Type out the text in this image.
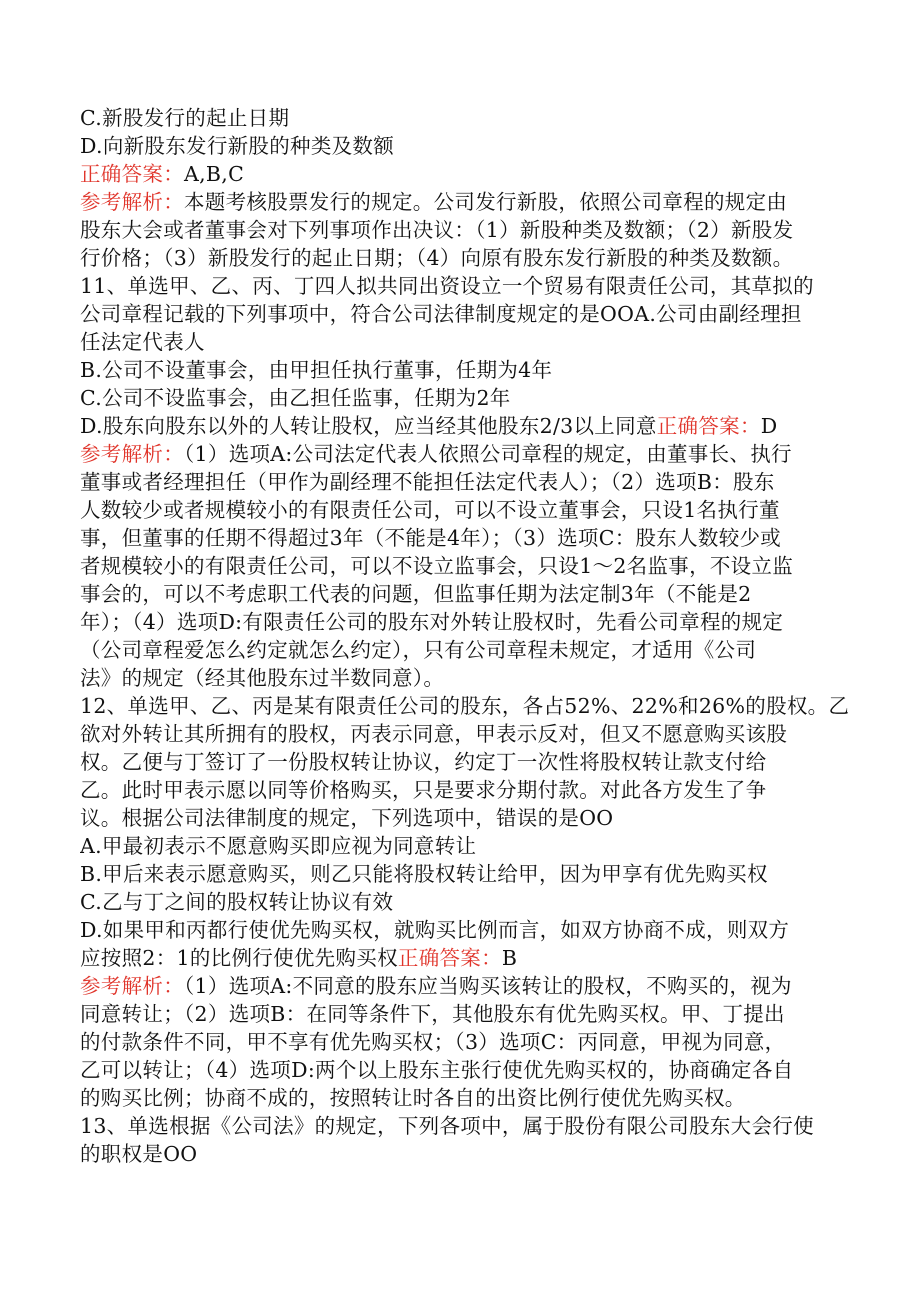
C.新股发行的起止日期
D.向新股东发行新股的种类及数额
正确答案：A,B,C
参考解析：本题考核股票发行的规定。公司发行新股，依照公司章程的规定由
股东大会或者董事会对下列事项作出决议：（1）新股种类及数额；（2）新股发
行价格；（3）新股发行的起止日期；（4）向原有股东发行新股的种类及数额。
11、单选甲、乙、丙、丁四人拟共同出资设立一个贸易有限责任公司，其草拟的
公司章程记载的下列事项中，符合公司法律制度规定的是OOA.公司由副经理担
任法定代表人
B.公司不设董事会，由甲担任执行董事，任期为4年
C.公司不设监事会，由乙担任监事，任期为2年
D.股东向股东以外的人转让股权，应当经其他股东2/3以上同意正确答案：D
参考解析：（1）选项A:公司法定代表人依照公司章程的规定，由董事长、执行
董事或者经理担任（甲作为副经理不能担任法定代表人）；（2）选项B：股东
人数较少或者规模较小的有限责任公司，可以不设立董事会，只设1名执行董
事，但董事的任期不得超过3年（不能是4年）；（3）选项C：股东人数较少或
者规模较小的有限责任公司，可以不设立监事会，只设1～2名监事，不设立监
事会的，可以不考虑职工代表的问题，但监事任期为法定制3年（不能是2
年）；（4）选项D:有限责任公司的股东对外转让股权时，先看公司章程的规定
（公司章程爱怎么约定就怎么约定），只有公司章程未规定，才适用《公司
法》的规定（经其他股东过半数同意）。
12、单选甲、乙、丙是某有限责任公司的股东，各占52%、22%和26%的股权。乙
欲对外转让其所拥有的股权，丙表示同意，甲表示反对，但又不愿意购买该股
权。乙便与丁签订了一份股权转让协议，约定丁一次性将股权转让款支付给
乙。此时甲表示愿以同等价格购买，只是要求分期付款。对此各方发生了争
议。根据公司法律制度的规定，下列选项中，错误的是OO
A.甲最初表示不愿意购买即应视为同意转让
B.甲后来表示愿意购买，则乙只能将股权转让给甲，因为甲享有优先购买权
C.乙与丁之间的股权转让协议有效
D.如果甲和丙都行使优先购买权，就购买比例而言，如双方协商不成，则双方
应按照2：1的比例行使优先购买权正确答案：B
参考解析：（1）选项A:不同意的股东应当购买该转让的股权，不购买的，视为
同意转让；（2）选项B：在同等条件下，其他股东有优先购买权。甲、丁提出
的付款条件不同，甲不享有优先购买权；（3）选项C：丙同意，甲视为同意，
乙可以转让；（4）选项D:两个以上股东主张行使优先购买权的，协商确定各自
的购买比例；协商不成的，按照转让时各自的出资比例行使优先购买权。
13、单选根据《公司法》的规定，下列各项中，属于股份有限公司股东大会行使
的职权是OO
